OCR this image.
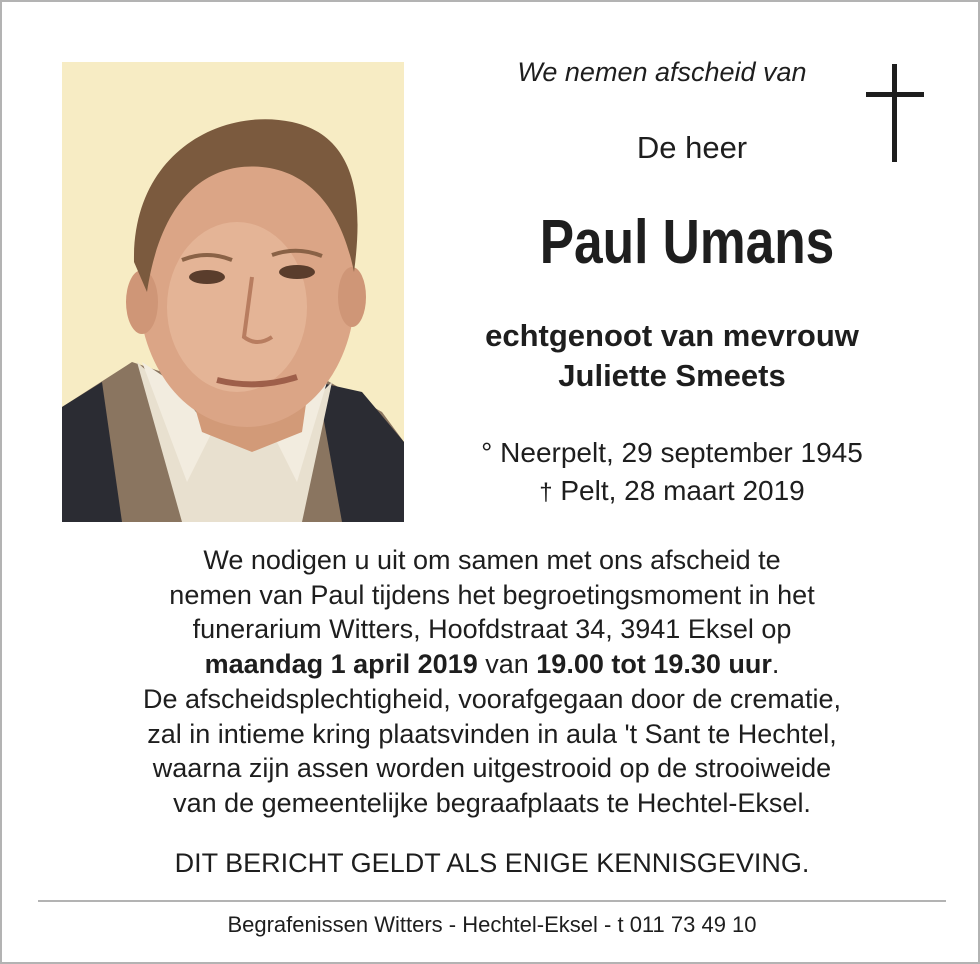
We nemen afscheid van
De heer
Paul Umans
echtgenoot van mevrouw
Juliette Smeets
° Neerpelt, 29 september 1945
† Pelt, 28 maart 2019
We nodigen u uit om samen met ons afscheid te
nemen van Paul tijdens het begroetingsmoment in het
funerarium Witters, Hoofdstraat 34, 3941 Eksel op
maandag 1 april 2019 van 19.00 tot 19.30 uur.
De afscheidsplechtigheid, voorafgegaan door de crematie,
zal in intieme kring plaatsvinden in aula 't Sant te Hechtel,
waarna zijn assen worden uitgestrooid op de strooiweide
van de gemeentelijke begraafplaats te Hechtel-Eksel.
DIT BERICHT GELDT ALS ENIGE KENNISGEVING.
Begrafenissen Witters - Hechtel-Eksel - t 011 73 49 10
